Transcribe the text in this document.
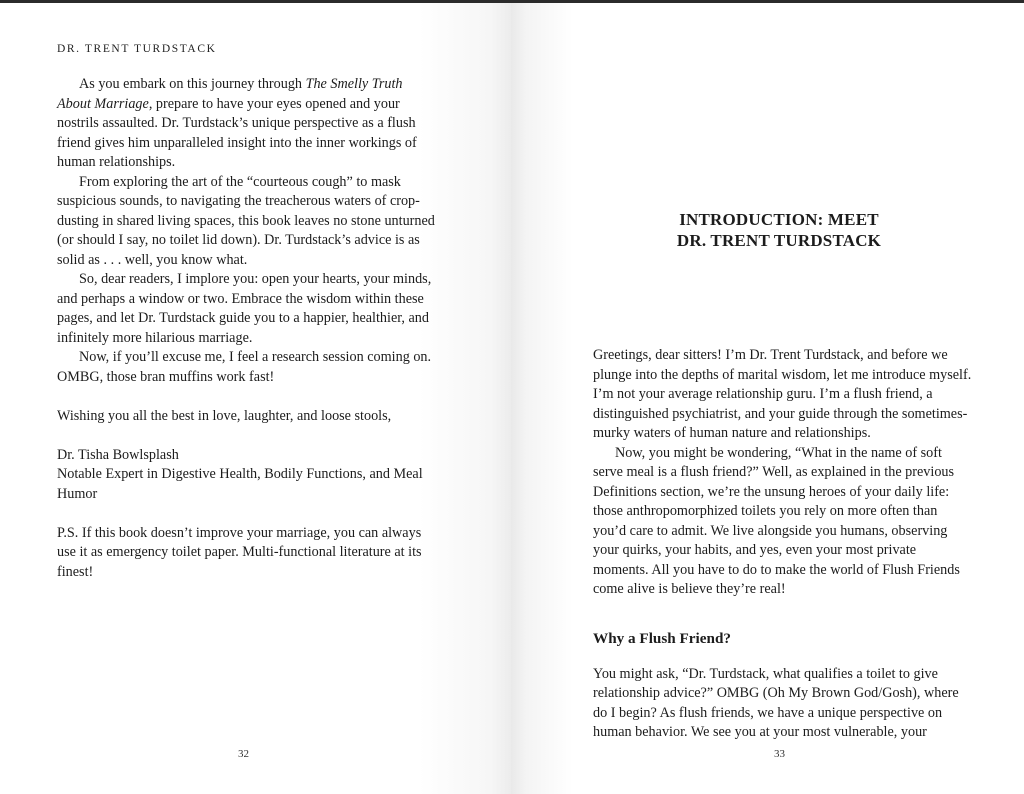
DR. TRENT TURDSTACK

As you embark on this journey through The Smelly Truth About Marriage, prepare to have your eyes opened and your nostrils assaulted. Dr. Turdstack’s unique perspective as a flush friend gives him unparalleled insight into the inner workings of human relationships.

From exploring the art of the “courteous cough” to mask suspicious sounds, to navigating the treacherous waters of crop-dusting in shared living spaces, this book leaves no stone unturned (or should I say, no toilet lid down). Dr. Turdstack’s advice is as solid as . . . well, you know what.

So, dear readers, I implore you: open your hearts, your minds, and perhaps a window or two. Embrace the wisdom within these pages, and let Dr. Turdstack guide you to a happier, healthier, and infinitely more hilarious marriage.

Now, if you’ll excuse me, I feel a research session coming on. OMBG, those bran muffins work fast!

Wishing you all the best in love, laughter, and loose stools,

Dr. Tisha Bowlsplash

Notable Expert in Digestive Health, Bodily Functions, and Meal Humor

P.S. If this book doesn’t improve your marriage, you can always use it as emergency toilet paper. Multi-functional literature at its finest!

32
INTRODUCTION: MEET
DR. TRENT TURDSTACK

Greetings, dear sitters! I’m Dr. Trent Turdstack, and before we plunge into the depths of marital wisdom, let me introduce myself. I’m not your average relationship guru. I’m a flush friend, a distinguished psychiatrist, and your guide through the sometimes-murky waters of human nature and relationships.

Now, you might be wondering, “What in the name of soft serve meal is a flush friend?” Well, as explained in the previous Definitions section, we’re the unsung heroes of your daily life: those anthropomorphized toilets you rely on more often than you’d care to admit. We live alongside you humans, observing your quirks, your habits, and yes, even your most private moments. All you have to do to make the world of Flush Friends come alive is believe they’re real!

Why a Flush Friend?

You might ask, “Dr. Turdstack, what qualifies a toilet to give relationship advice?” OMBG (Oh My Brown God/Gosh), where do I begin? As flush friends, we have a unique perspective on human behavior. We see you at your most vulnerable, your

33
